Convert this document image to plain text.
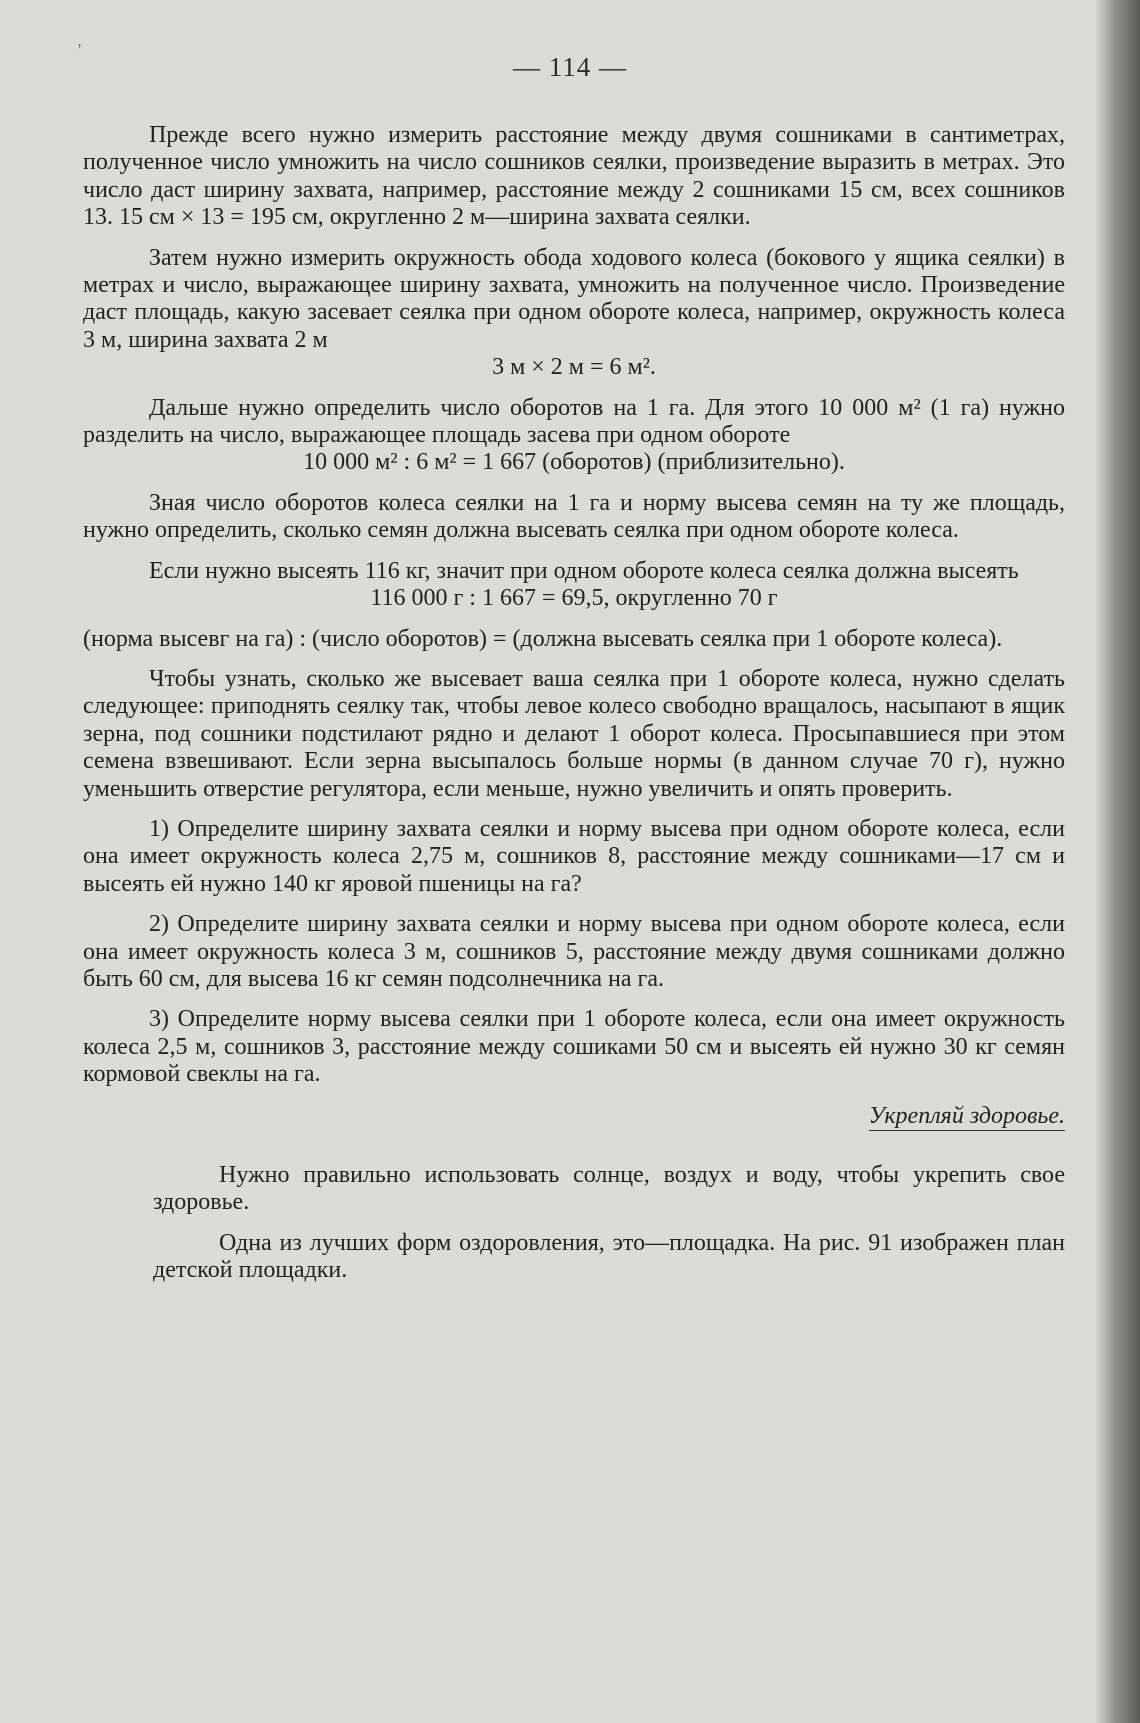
'
— 114 —

Прежде всего нужно измерить расстояние между двумя сошниками в сантиметрах, полученное число умножить на число сошников сеялки, произведение выразить в метрах. Это число даст ширину захвата, например, расстояние между 2 сошниками 15 см, всех сошников 13. 15 см × 13 = 195 см, округленно 2 м—ширина захвата сеялки.

Затем нужно измерить окружность обода ходового колеса (бокового у ящика сеялки) в метрах и число, выражающее ширину захвата, умножить на полученное число. Произведение даст площадь, какую засевает сеялка при одном обороте колеса, например, окружность колеса 3 м, ширина захвата 2 м

3 м × 2 м = 6 м².

Дальше нужно определить число оборотов на 1 га. Для этого 10 000 м² (1 га) нужно разделить на число, выражающее площадь засева при одном обороте

10 000 м² : 6 м² = 1 667 (оборотов) (приблизительно).

Зная число оборотов колеса сеялки на 1 га и норму высева семян на ту же площадь, нужно определить, сколько семян должна высевать сеялка при одном обороте колеса.

Если нужно высеять 116 кг, значит при одном обороте колеса сеялка должна высеять

116 000 г : 1 667 = 69,5, округленно 70 г

(норма высевг на га) : (число оборотов) = (должна высевать сеялка при 1 обороте колеса).

Чтобы узнать, сколько же высевает ваша сеялка при 1 обороте колеса, нужно сделать следующее: приподнять сеялку так, чтобы левое колесо свободно вращалось, насыпают в ящик зерна, под сошники подстилают рядно и делают 1 оборот колеса. Просыпавшиеся при этом семена взвешивают. Если зерна высыпалось больше нормы (в данном случае 70 г), нужно уменьшить отверстие регулятора, если меньше, нужно увеличить и опять проверить.

1) Определите ширину захвата сеялки и норму высева при одном обороте колеса, если она имеет окружность колеса 2,75 м, сошников 8, расстояние между сошниками—17 см и высеять ей нужно 140 кг яровой пшеницы на га?

2) Определите ширину захвата сеялки и норму высева при одном обороте колеса, если она имеет окружность колеса 3 м, сошников 5, расстояние между двумя сошниками должно быть 60 см, для высева 16 кг семян подсолнечника на га.

3) Определите норму высева сеялки при 1 обороте колеса, если она имеет окружность колеса 2,5 м, сошников 3, расстояние между сошиками 50 см и высеять ей нужно 30 кг семян кормовой свеклы на га.

Укрепляй здоровье.

Нужно правильно использовать солнце, воздух и воду, чтобы укрепить свое здоровье.

Одна из лучших форм оздоровления, это—площадка. На рис. 91 изображен план детской площадки.
